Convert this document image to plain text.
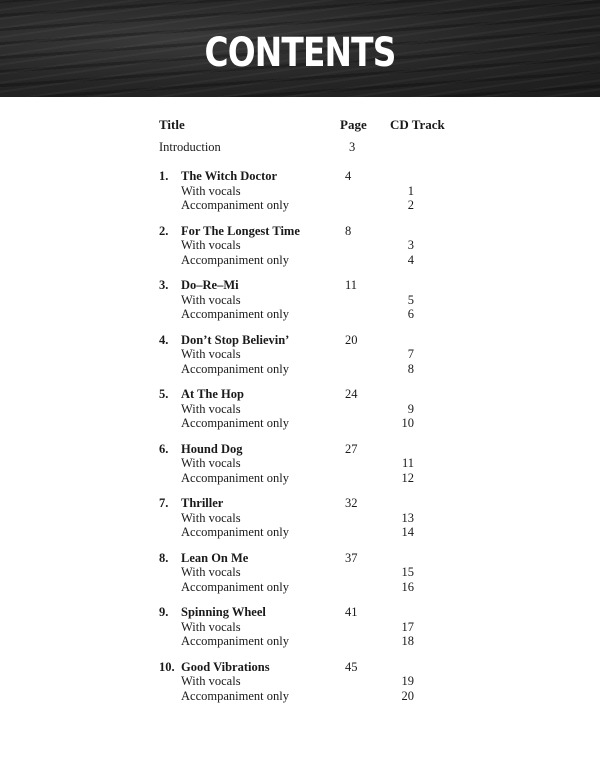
CONTENTS
Title	Page CD Track
Introduction	3
1. The Witch Doctor	4
With vocals	1
Accompaniment only	2
2. For The Longest Time	8
With vocals	3
Accompaniment only	4
3. Do–Re–Mi	11
With vocals	5
Accompaniment only	6
4. Don’t Stop Believin’	20
With vocals	7
Accompaniment only	8
5. At The Hop	24
With vocals	9
Accompaniment only	10
6. Hound Dog	27
With vocals	11
Accompaniment only	12
7. Thriller	32
With vocals	13
Accompaniment only	14
8. Lean On Me	37
With vocals	15
Accompaniment only	16
9. Spinning Wheel	41
With vocals	17
Accompaniment only	18
10. Good Vibrations	45
With vocals	19
Accompaniment only	20
